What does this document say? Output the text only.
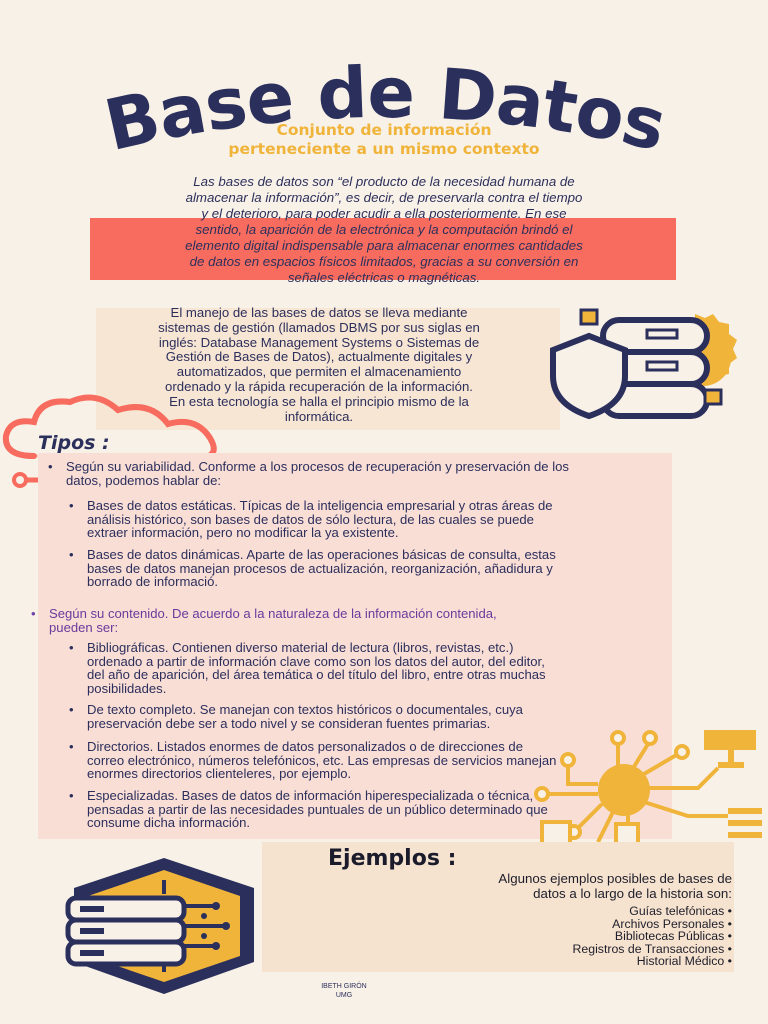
Base de Datos
Conjunto de información
perteneciente a un mismo contexto
Las bases de datos son “el producto de la necesidad humana de
almacenar la información”, es decir, de preservarla contra el tiempo
y el deterioro, para poder acudir a ella posteriormente. En ese
sentido, la aparición de la electrónica y la computación brindó el
elemento digital indispensable para almacenar enormes cantidades
de datos en espacios físicos limitados, gracias a su conversión en
señales eléctricas o magnéticas.
El manejo de las bases de datos se lleva mediante
sistemas de gestión (llamados DBMS por sus siglas en
inglés: Database Management Systems o Sistemas de
Gestión de Bases de Datos), actualmente digitales y
automatizados, que permiten el almacenamiento
ordenado y la rápida recuperación de la información.
En esta tecnología se halla el principio mismo de la
informática.
Tipos :
• Según su variabilidad. Conforme a los procesos de recuperación y preservación de los datos, podemos hablar de:
• Bases de datos estáticas. Típicas de la inteligencia empresarial y otras áreas de análisis histórico, son bases de datos de sólo lectura, de las cuales se puede extraer información, pero no modificar la ya existente.
• Bases de datos dinámicas. Aparte de las operaciones básicas de consulta, estas bases de datos manejan procesos de actualización, reorganización, añadidura y borrado de informació.
• Según su contenido. De acuerdo a la naturaleza de la información contenida, pueden ser:
• Bibliográficas. Contienen diverso material de lectura (libros, revistas, etc.) ordenado a partir de información clave como son los datos del autor, del editor, del año de aparición, del área temática o del título del libro, entre otras muchas posibilidades.
• De texto completo. Se manejan con textos históricos o documentales, cuya preservación debe ser a todo nivel y se consideran fuentes primarias.
• Directorios. Listados enormes de datos personalizados o de direcciones de correo electrónico, números telefónicos, etc. Las empresas de servicios manejan enormes directorios clienteleres, por ejemplo.
• Especializadas. Bases de datos de información hiperespecializada o técnica, pensadas a partir de las necesidades puntuales de un público determinado que consume dicha información.
Ejemplos :
Algunos ejemplos posibles de bases de
datos a lo largo de la historia son:
Guías telefónicas •
Archivos Personales •
Bibliotecas Públicas •
Registros de Transacciones •
Historial Médico •
IBETH GIRÓN
UMG
